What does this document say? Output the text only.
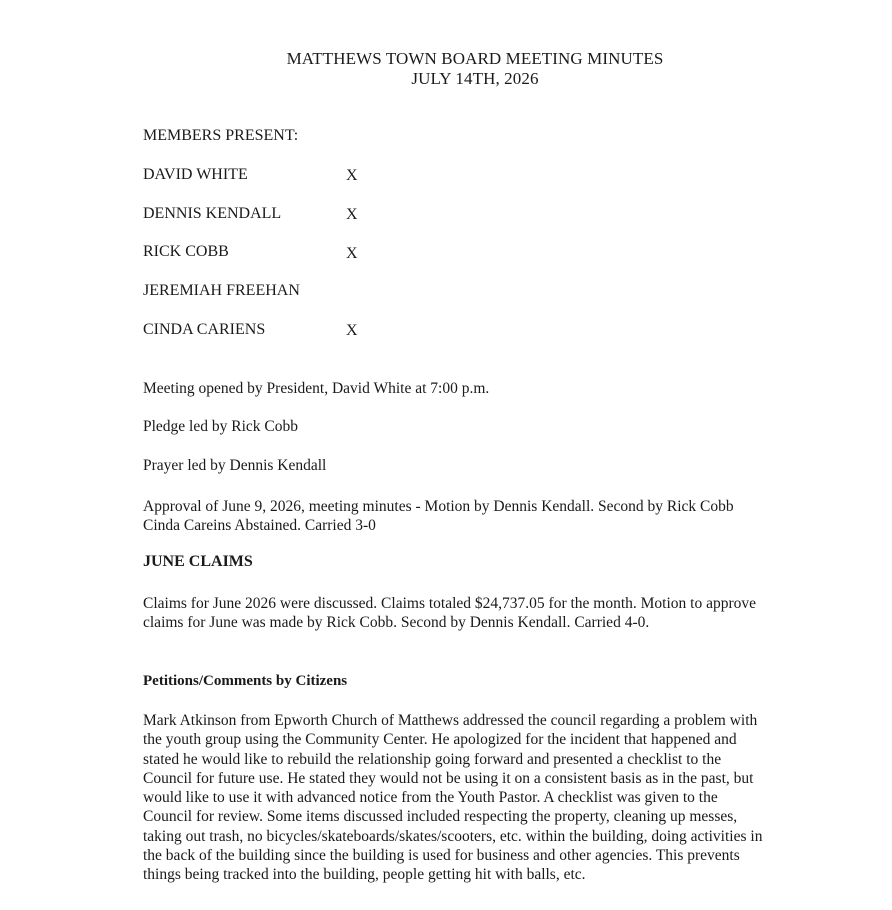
MATTHEWS TOWN BOARD MEETING MINUTES
JULY 14TH, 2026
MEMBERS PRESENT:
DAVID WHITE	X
DENNIS KENDALL	X
RICK COBB	X
JEREMIAH FREEHAN
CINDA CARIENS	X
Meeting opened by President, David White at 7:00 p.m.
Pledge led by Rick Cobb
Prayer led by Dennis Kendall
Approval of June 9, 2026, meeting minutes - Motion by Dennis Kendall. Second by Rick Cobb Cinda Careins Abstained. Carried 3-0
JUNE CLAIMS
Claims for June 2026 were discussed. Claims totaled $24,737.05 for the month. Motion to approve claims for June was made by Rick Cobb. Second by Dennis Kendall. Carried 4-0.
Petitions/Comments by Citizens
Mark Atkinson from Epworth Church of Matthews addressed the council regarding a problem with the youth group using the Community Center. He apologized for the incident that happened and stated he would like to rebuild the relationship going forward and presented a checklist to the Council for future use. He stated they would not be using it on a consistent basis as in the past, but would like to use it with advanced notice from the Youth Pastor. A checklist was given to the Council for review. Some items discussed included respecting the property, cleaning up messes, taking out trash, no bicycles/skateboards/skates/scooters, etc. within the building, doing activities in the back of the building since the building is used for business and other agencies. This prevents things being tracked into the building, people getting hit with balls, etc.
